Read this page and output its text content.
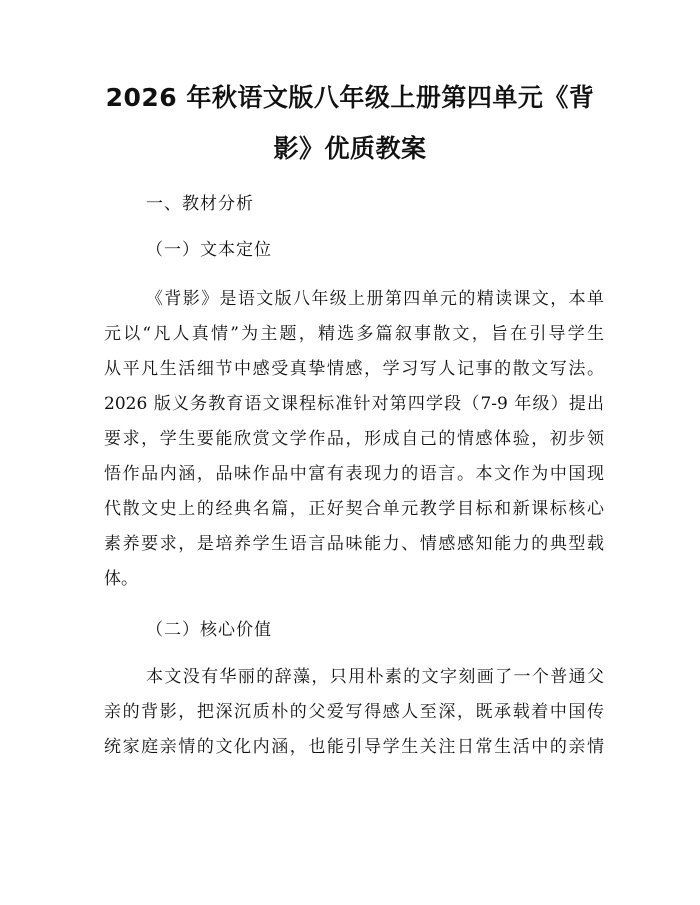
2026 年秋语文版八年级上册第四单元《背
影》优质教案
一、教材分析
（一）文本定位
《背影》是语文版八年级上册第四单元的精读课文，本单
元以“凡人真情”为主题，精选多篇叙事散文，旨在引导学生
从平凡生活细节中感受真挚情感，学习写人记事的散文写法。
2026 版义务教育语文课程标准针对第四学段（7-9 年级）提出
要求，学生要能欣赏文学作品，形成自己的情感体验，初步领
悟作品内涵，品味作品中富有表现力的语言。本文作为中国现
代散文史上的经典名篇，正好契合单元教学目标和新课标核心
素养要求，是培养学生语言品味能力、情感感知能力的典型载
体。
（二）核心价值
本文没有华丽的辞藻，只用朴素的文字刻画了一个普通父
亲的背影，把深沉质朴的父爱写得感人至深，既承载着中国传
统家庭亲情的文化内涵，也能引导学生关注日常生活中的亲情
